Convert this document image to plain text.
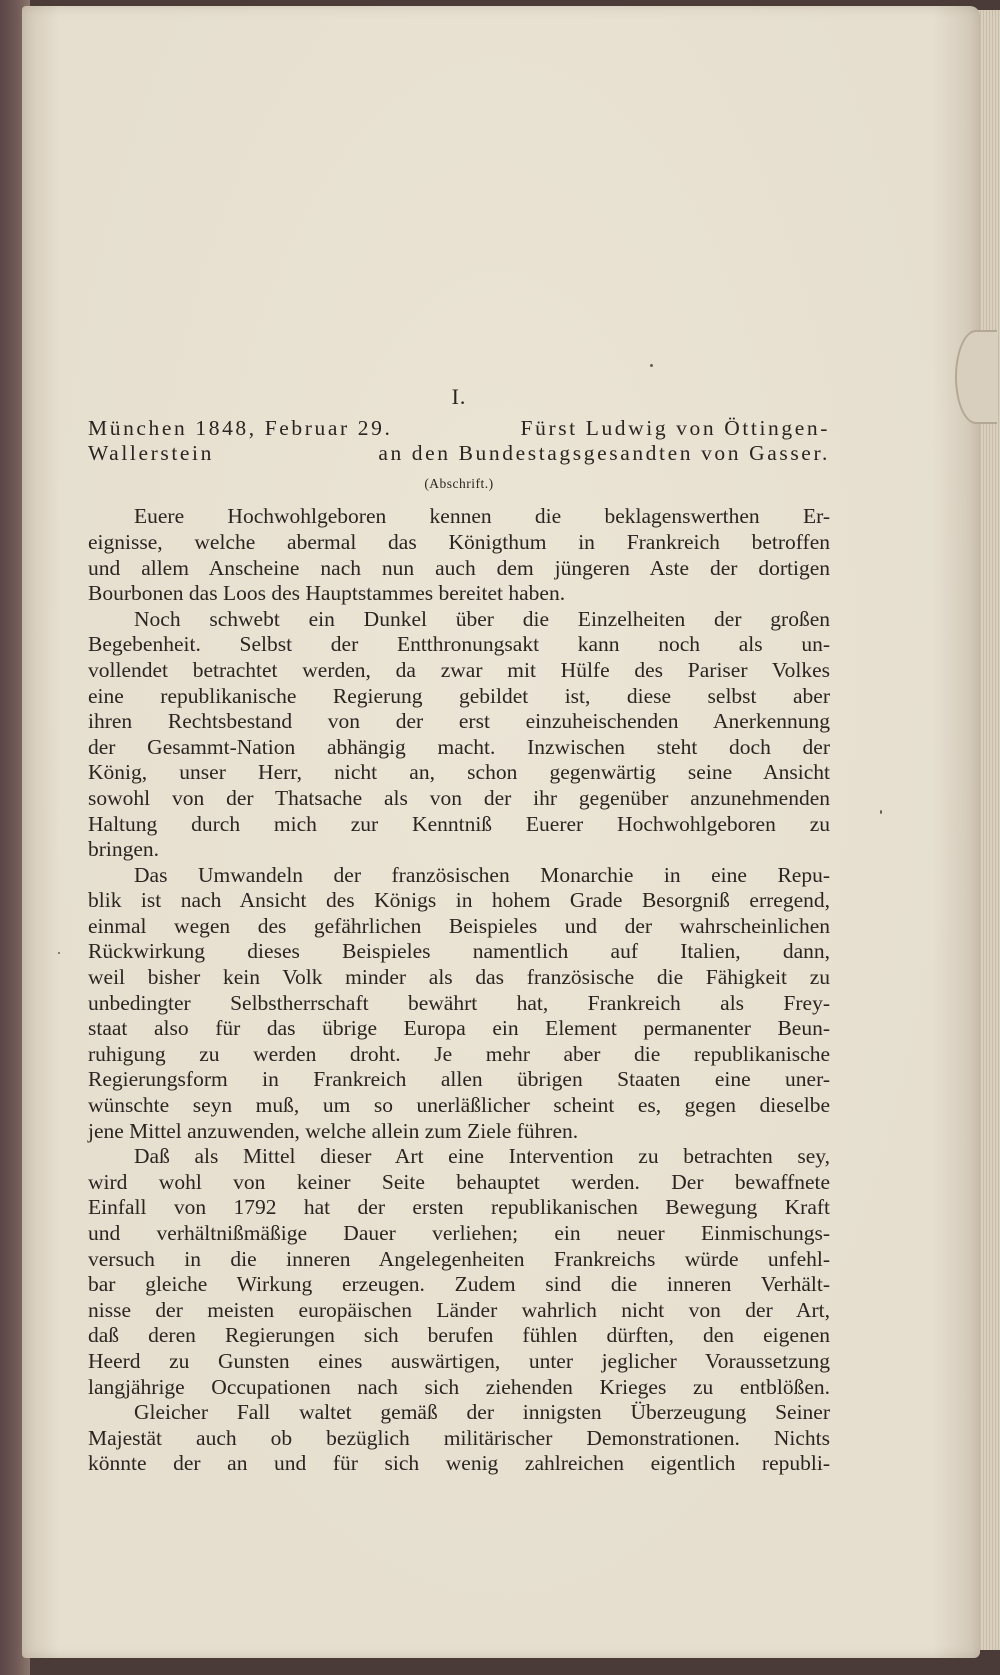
I.
München 1848, Februar 29.	Fürst Ludwig von Öttingen-
Wallerstein	an den Bundestagsgesandten von Gasser.
(Abschrift.)
Euere Hochwohlgeboren kennen die beklagenswerthen Er-
eignisse, welche abermal das Königthum in Frankreich betroffen
und allem Anscheine nach nun auch dem jüngeren Aste der dortigen
Bourbonen das Loos des Hauptstammes bereitet haben.
Noch schwebt ein Dunkel über die Einzelheiten der großen
Begebenheit. Selbst der Entthronungsakt kann noch als un-
vollendet betrachtet werden, da zwar mit Hülfe des Pariser Volkes
eine republikanische Regierung gebildet ist, diese selbst aber
ihren Rechtsbestand von der erst einzuheischenden Anerkennung
der Gesammt-Nation abhängig macht. Inzwischen steht doch der
König, unser Herr, nicht an, schon gegenwärtig seine Ansicht
sowohl von der Thatsache als von der ihr gegenüber anzunehmenden
Haltung durch mich zur Kenntniß Euerer Hochwohlgeboren zu
bringen.
Das Umwandeln der französischen Monarchie in eine Repu-
blik ist nach Ansicht des Königs in hohem Grade Besorgniß erregend,
einmal wegen des gefährlichen Beispieles und der wahrscheinlichen
Rückwirkung dieses Beispieles namentlich auf Italien, dann,
weil bisher kein Volk minder als das französische die Fähigkeit zu
unbedingter Selbstherrschaft bewährt hat, Frankreich als Frey-
staat also für das übrige Europa ein Element permanenter Beun-
ruhigung zu werden droht. Je mehr aber die republikanische
Regierungsform in Frankreich allen übrigen Staaten eine uner-
wünschte seyn muß, um so unerläßlicher scheint es, gegen dieselbe
jene Mittel anzuwenden, welche allein zum Ziele führen.
Daß als Mittel dieser Art eine Intervention zu betrachten sey,
wird wohl von keiner Seite behauptet werden. Der bewaffnete
Einfall von 1792 hat der ersten republikanischen Bewegung Kraft
und verhältnißmäßige Dauer verliehen; ein neuer Einmischungs-
versuch in die inneren Angelegenheiten Frankreichs würde unfehl-
bar gleiche Wirkung erzeugen. Zudem sind die inneren Verhält-
nisse der meisten europäischen Länder wahrlich nicht von der Art,
daß deren Regierungen sich berufen fühlen dürften, den eigenen
Heerd zu Gunsten eines auswärtigen, unter jeglicher Voraussetzung
langjährige Occupationen nach sich ziehenden Krieges zu entblößen.
Gleicher Fall waltet gemäß der innigsten Überzeugung Seiner
Majestät auch ob bezüglich militärischer Demonstrationen. Nichts
könnte der an und für sich wenig zahlreichen eigentlich republi-
